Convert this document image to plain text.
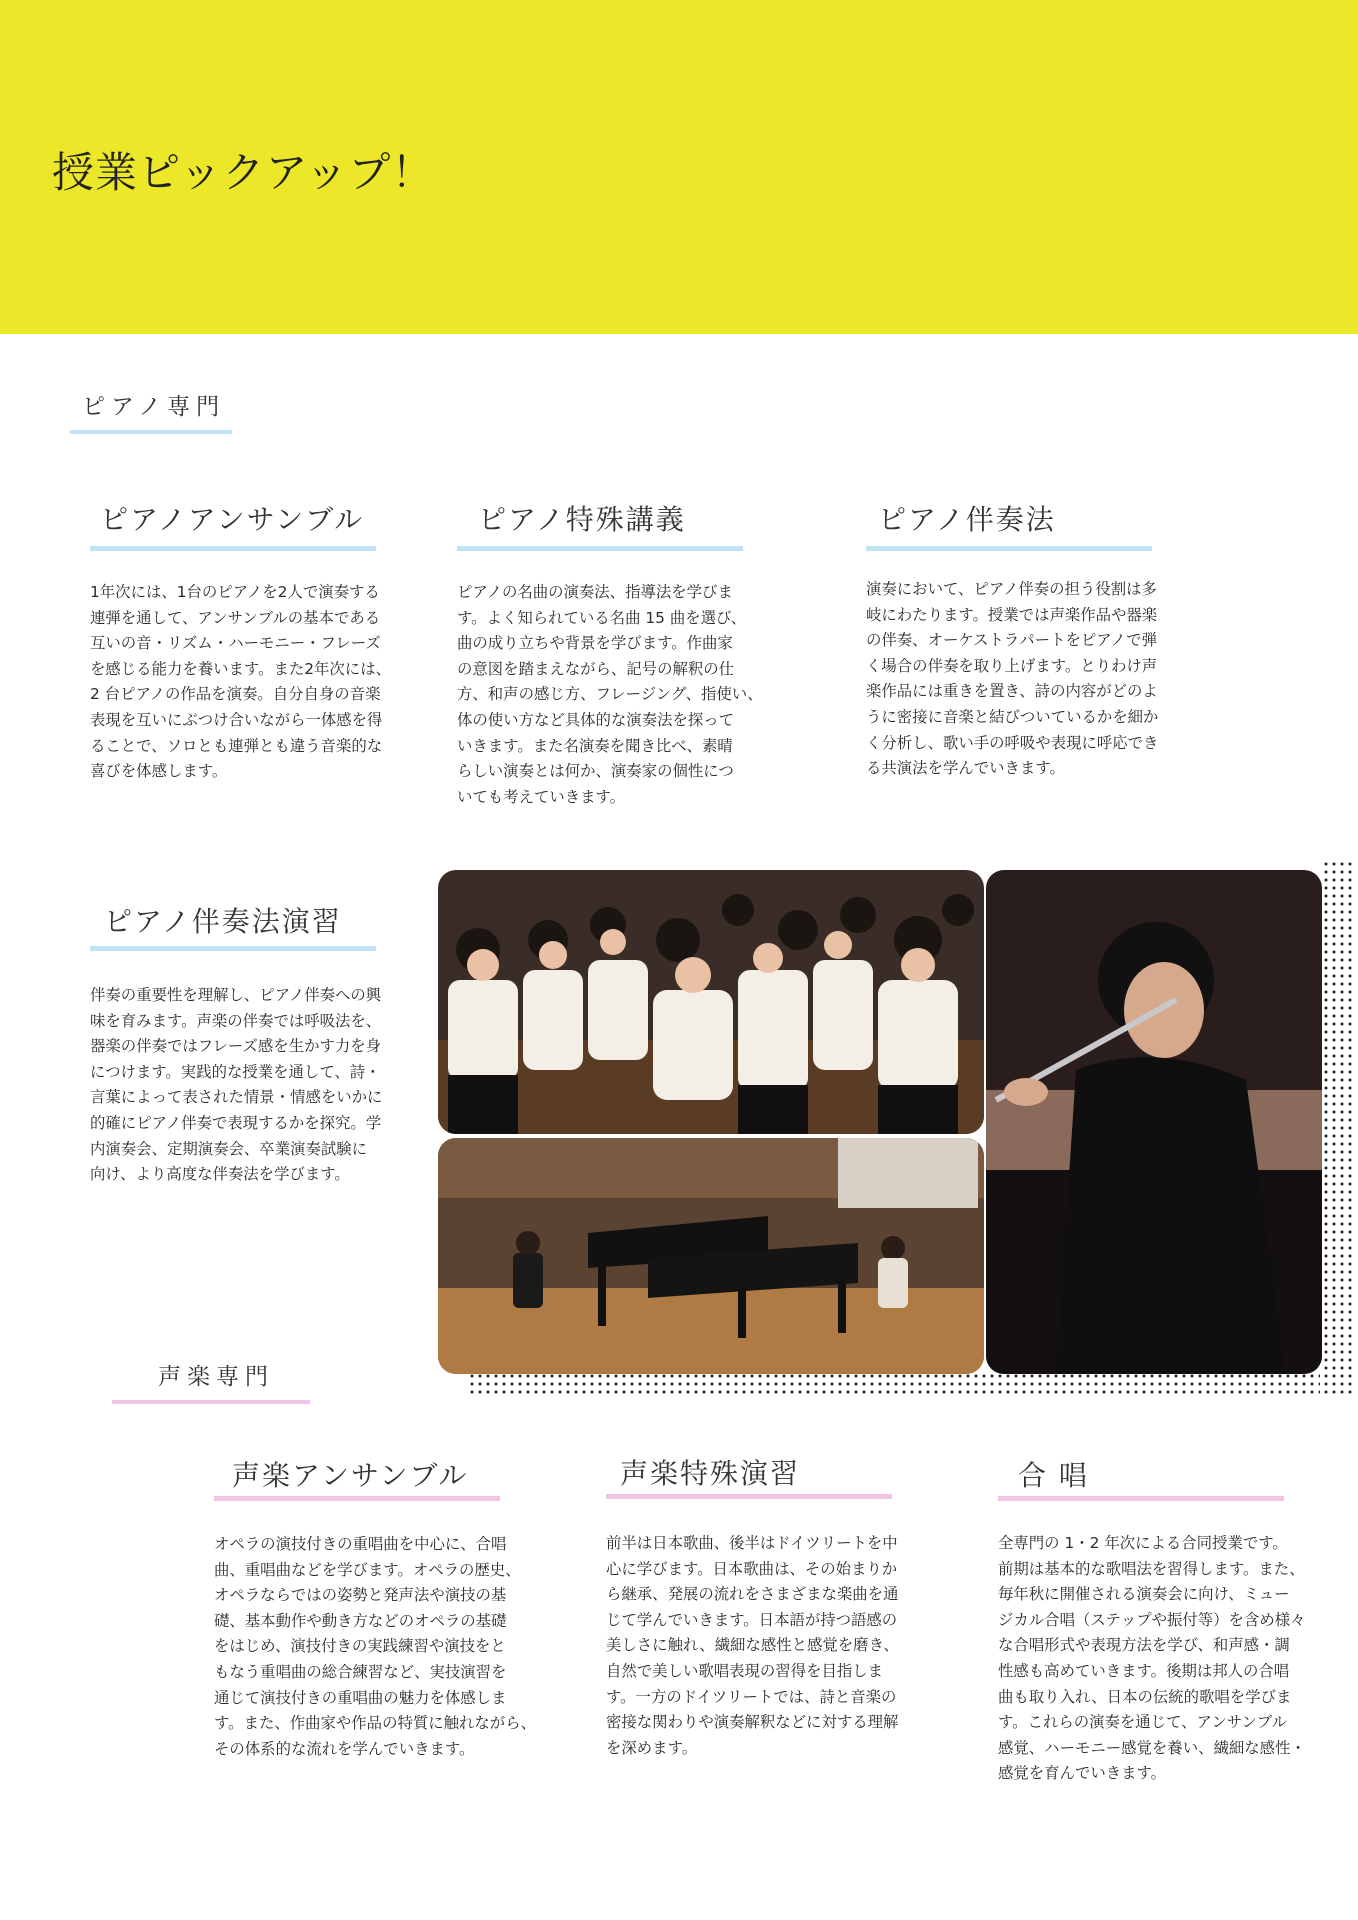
授業ピックアップ！
ピアノ専門
ピアノアンサンブル

1年次には、1台のピアノを2人で演奏する
連弾を通して、アンサンブルの基本である
互いの音・リズム・ハーモニー・フレーズ
を感じる能力を養います。また2年次には、
2 台ピアノの作品を演奏。自分自身の音楽
表現を互いにぶつけ合いながら一体感を得
ることで、ソロとも連弾とも違う音楽的な
喜びを体感します。

ピアノ特殊講義

ピアノの名曲の演奏法、指導法を学びま
す。よく知られている名曲 15 曲を選び、
曲の成り立ちや背景を学びます。作曲家
の意図を踏まえながら、記号の解釈の仕
方、和声の感じ方、フレージング、指使い、
体の使い方など具体的な演奏法を探って
いきます。また名演奏を聞き比べ、素晴
らしい演奏とは何か、演奏家の個性につ
いても考えていきます。

ピアノ伴奏法

演奏において、ピアノ伴奏の担う役割は多
岐にわたります。授業では声楽作品や器楽
の伴奏、オーケストラパートをピアノで弾
く場合の伴奏を取り上げます。とりわけ声
楽作品には重きを置き、詩の内容がどのよ
うに密接に音楽と結びついているかを細か
く分析し、歌い手の呼吸や表現に呼応でき
る共演法を学んでいきます。

ピアノ伴奏法演習

伴奏の重要性を理解し、ピアノ伴奏への興
味を育みます。声楽の伴奏では呼吸法を、
器楽の伴奏ではフレーズ感を生かす力を身
につけます。実践的な授業を通して、詩・
言葉によって表された情景・情感をいかに
的確にピアノ伴奏で表現するかを探究。学
内演奏会、定期演奏会、卒業演奏試験に
向け、より高度な伴奏法を学びます。

声楽専門
声楽アンサンブル

オペラの演技付きの重唱曲を中心に、合唱
曲、重唱曲などを学びます。オペラの歴史、
オペラならではの姿勢と発声法や演技の基
礎、基本動作や動き方などのオペラの基礎
をはじめ、演技付きの実践練習や演技をと
もなう重唱曲の総合練習など、実技演習を
通じて演技付きの重唱曲の魅力を体感しま
す。また、作曲家や作品の特質に触れながら、
その体系的な流れを学んでいきます。

声楽特殊演習

前半は日本歌曲、後半はドイツリートを中
心に学びます。日本歌曲は、その始まりか
ら継承、発展の流れをさまざまな楽曲を通
じて学んでいきます。日本語が持つ語感の
美しさに触れ、繊細な感性と感覚を磨き、
自然で美しい歌唱表現の習得を目指しま
す。一方のドイツリートでは、詩と音楽の
密接な関わりや演奏解釈などに対する理解
を深めます。

合 唱

全専門の 1・2 年次による合同授業です。
前期は基本的な歌唱法を習得します。また、
毎年秋に開催される演奏会に向け、ミュー
ジカル合唱（ステップや振付等）を含め様々
な合唱形式や表現方法を学び、和声感・調
性感も高めていきます。後期は邦人の合唱
曲も取り入れ、日本の伝統的歌唱を学びま
す。これらの演奏を通じて、アンサンブル
感覚、ハーモニー感覚を養い、繊細な感性・
感覚を育んでいきます。
